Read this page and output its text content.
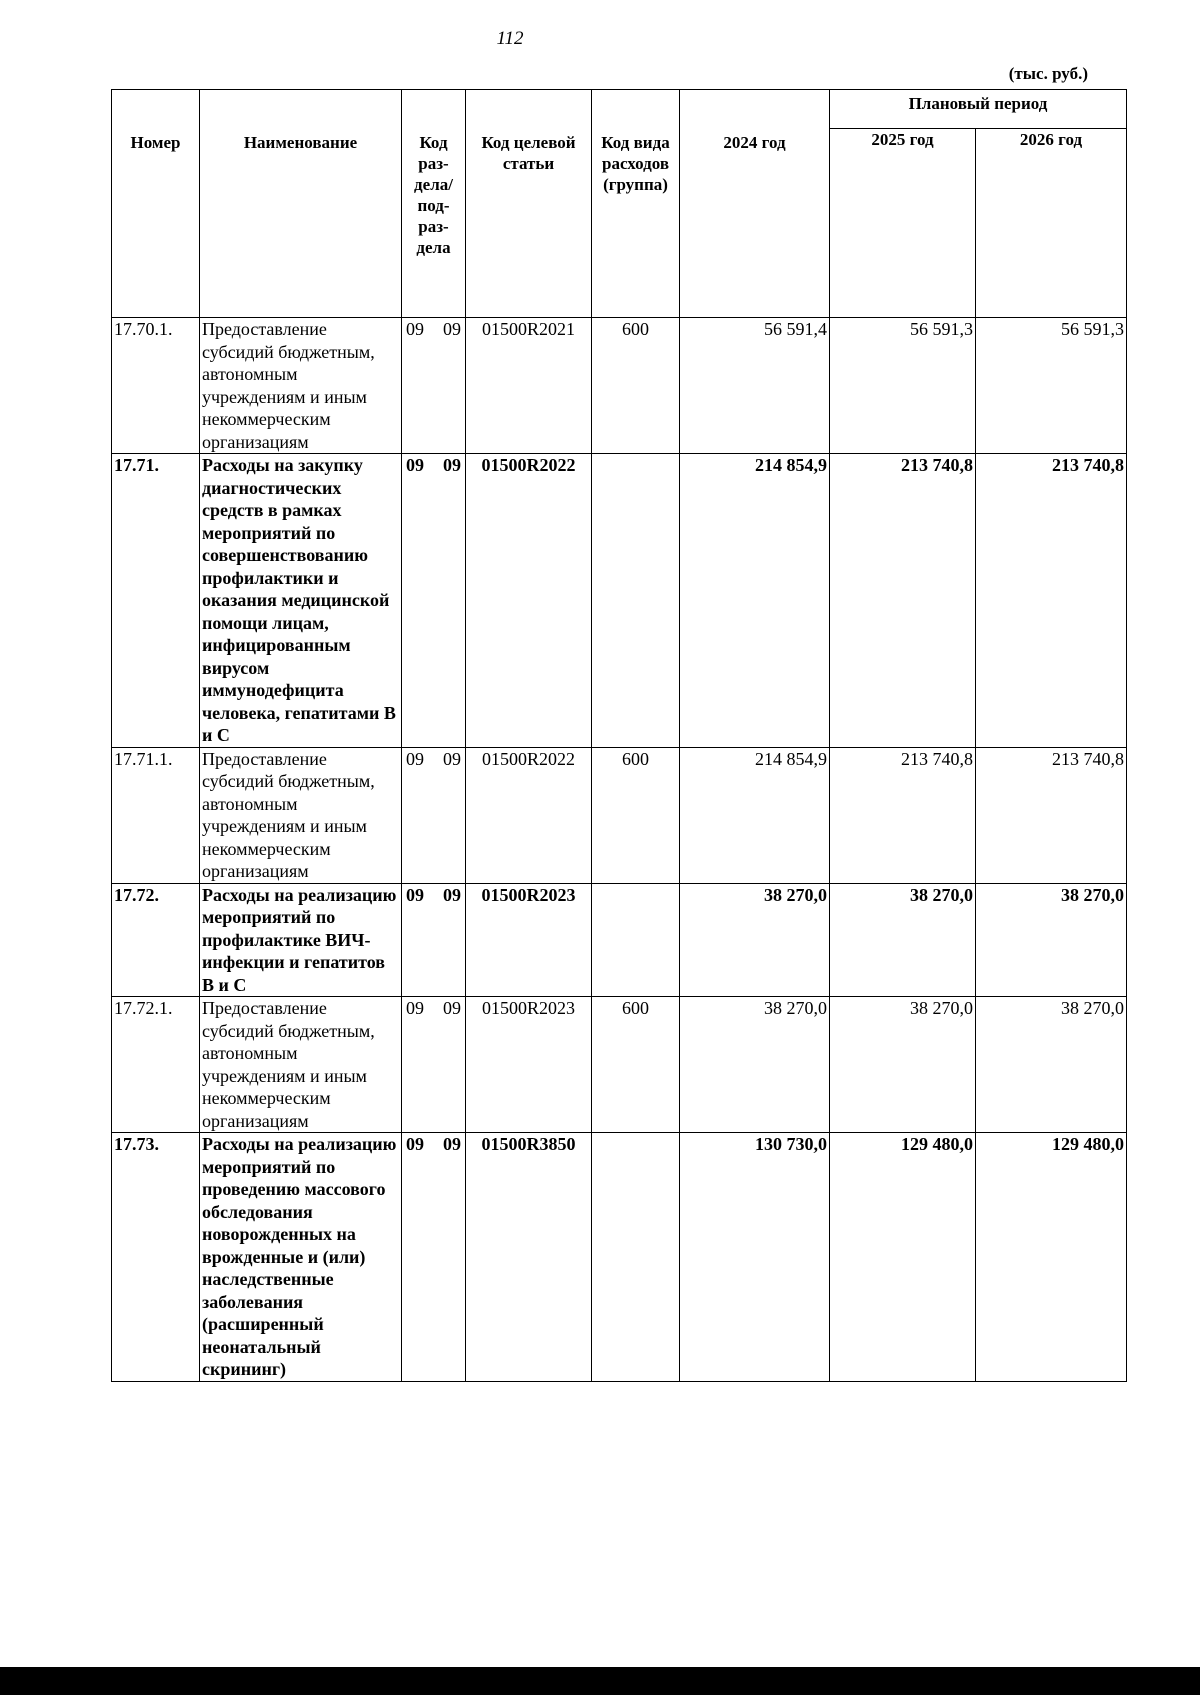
112
(тыс. руб.)
Номер	Наименование	Код раз-дела/ под-раз-дела	Код целевой статьи	Код вида расходов (группа)	2024 год	Плановый период	
						2025 год	2026 год
17.70.1.	Предоставление субсидий бюджетным, автономным учреждениям и иным некоммерческим организациям	09 09	01500R2021	600	56 591,4	56 591,3	56 591,3
17.71.	Расходы на закупку диагностических средств в рамках мероприятий по совершенствованию профилактики и оказания медицинской помощи лицам, инфицированным вирусом иммунодефицита человека, гепатитами В и С	09 09	01500R2022		214 854,9	213 740,8	213 740,8
17.71.1.	Предоставление субсидий бюджетным, автономным учреждениям и иным некоммерческим организациям	09 09	01500R2022	600	214 854,9	213 740,8	213 740,8
17.72.	Расходы на реализацию мероприятий по профилактике ВИЧ-инфекции и гепатитов В и С	09 09	01500R2023		38 270,0	38 270,0	38 270,0
17.72.1.	Предоставление субсидий бюджетным, автономным учреждениям и иным некоммерческим организациям	09 09	01500R2023	600	38 270,0	38 270,0	38 270,0
17.73.	Расходы на реализацию мероприятий по проведению массового обследования новорожденных на врожденные и (или) наследственные заболевания (расширенный неонатальный скрининг)	09 09	01500R3850		130 730,0	129 480,0	129 480,0
